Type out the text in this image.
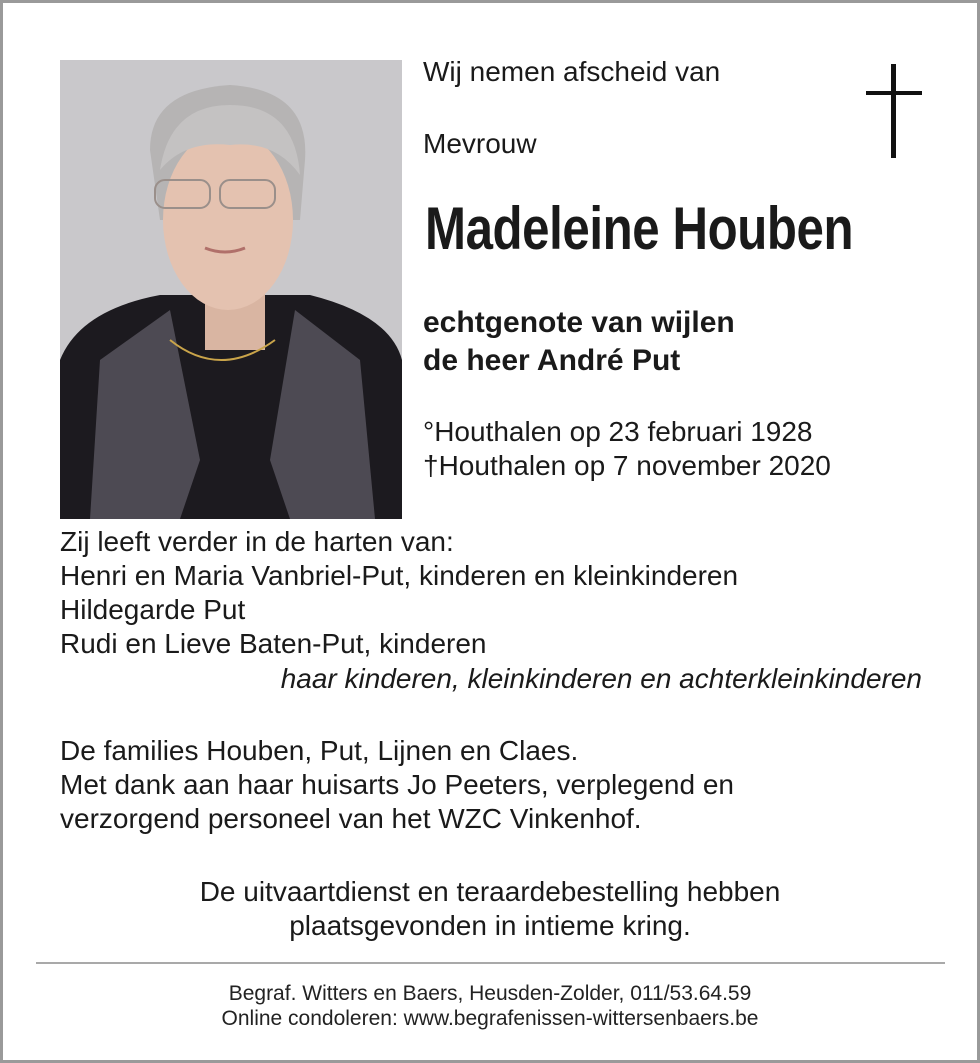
Wij nemen afscheid van
Mevrouw
Madeleine Houben
echtgenote van wijlen
de heer André Put
°Houthalen op 23 februari 1928
†Houthalen op 7 november 2020
Zij leeft verder in de harten van:
Henri en Maria Vanbriel-Put, kinderen en kleinkinderen
Hildegarde Put
Rudi en Lieve Baten-Put, kinderen
haar kinderen, kleinkinderen en achterkleinkinderen
De families Houben, Put, Lijnen en Claes.
Met dank aan haar huisarts Jo Peeters, verplegend en
verzorgend personeel van het WZC Vinkenhof.
De uitvaartdienst en teraardebestelling hebben
plaatsgevonden in intieme kring.
Begraf. Witters en Baers, Heusden-Zolder, 011/53.64.59
Online condoleren: www.begrafenissen-wittersenbaers.be
